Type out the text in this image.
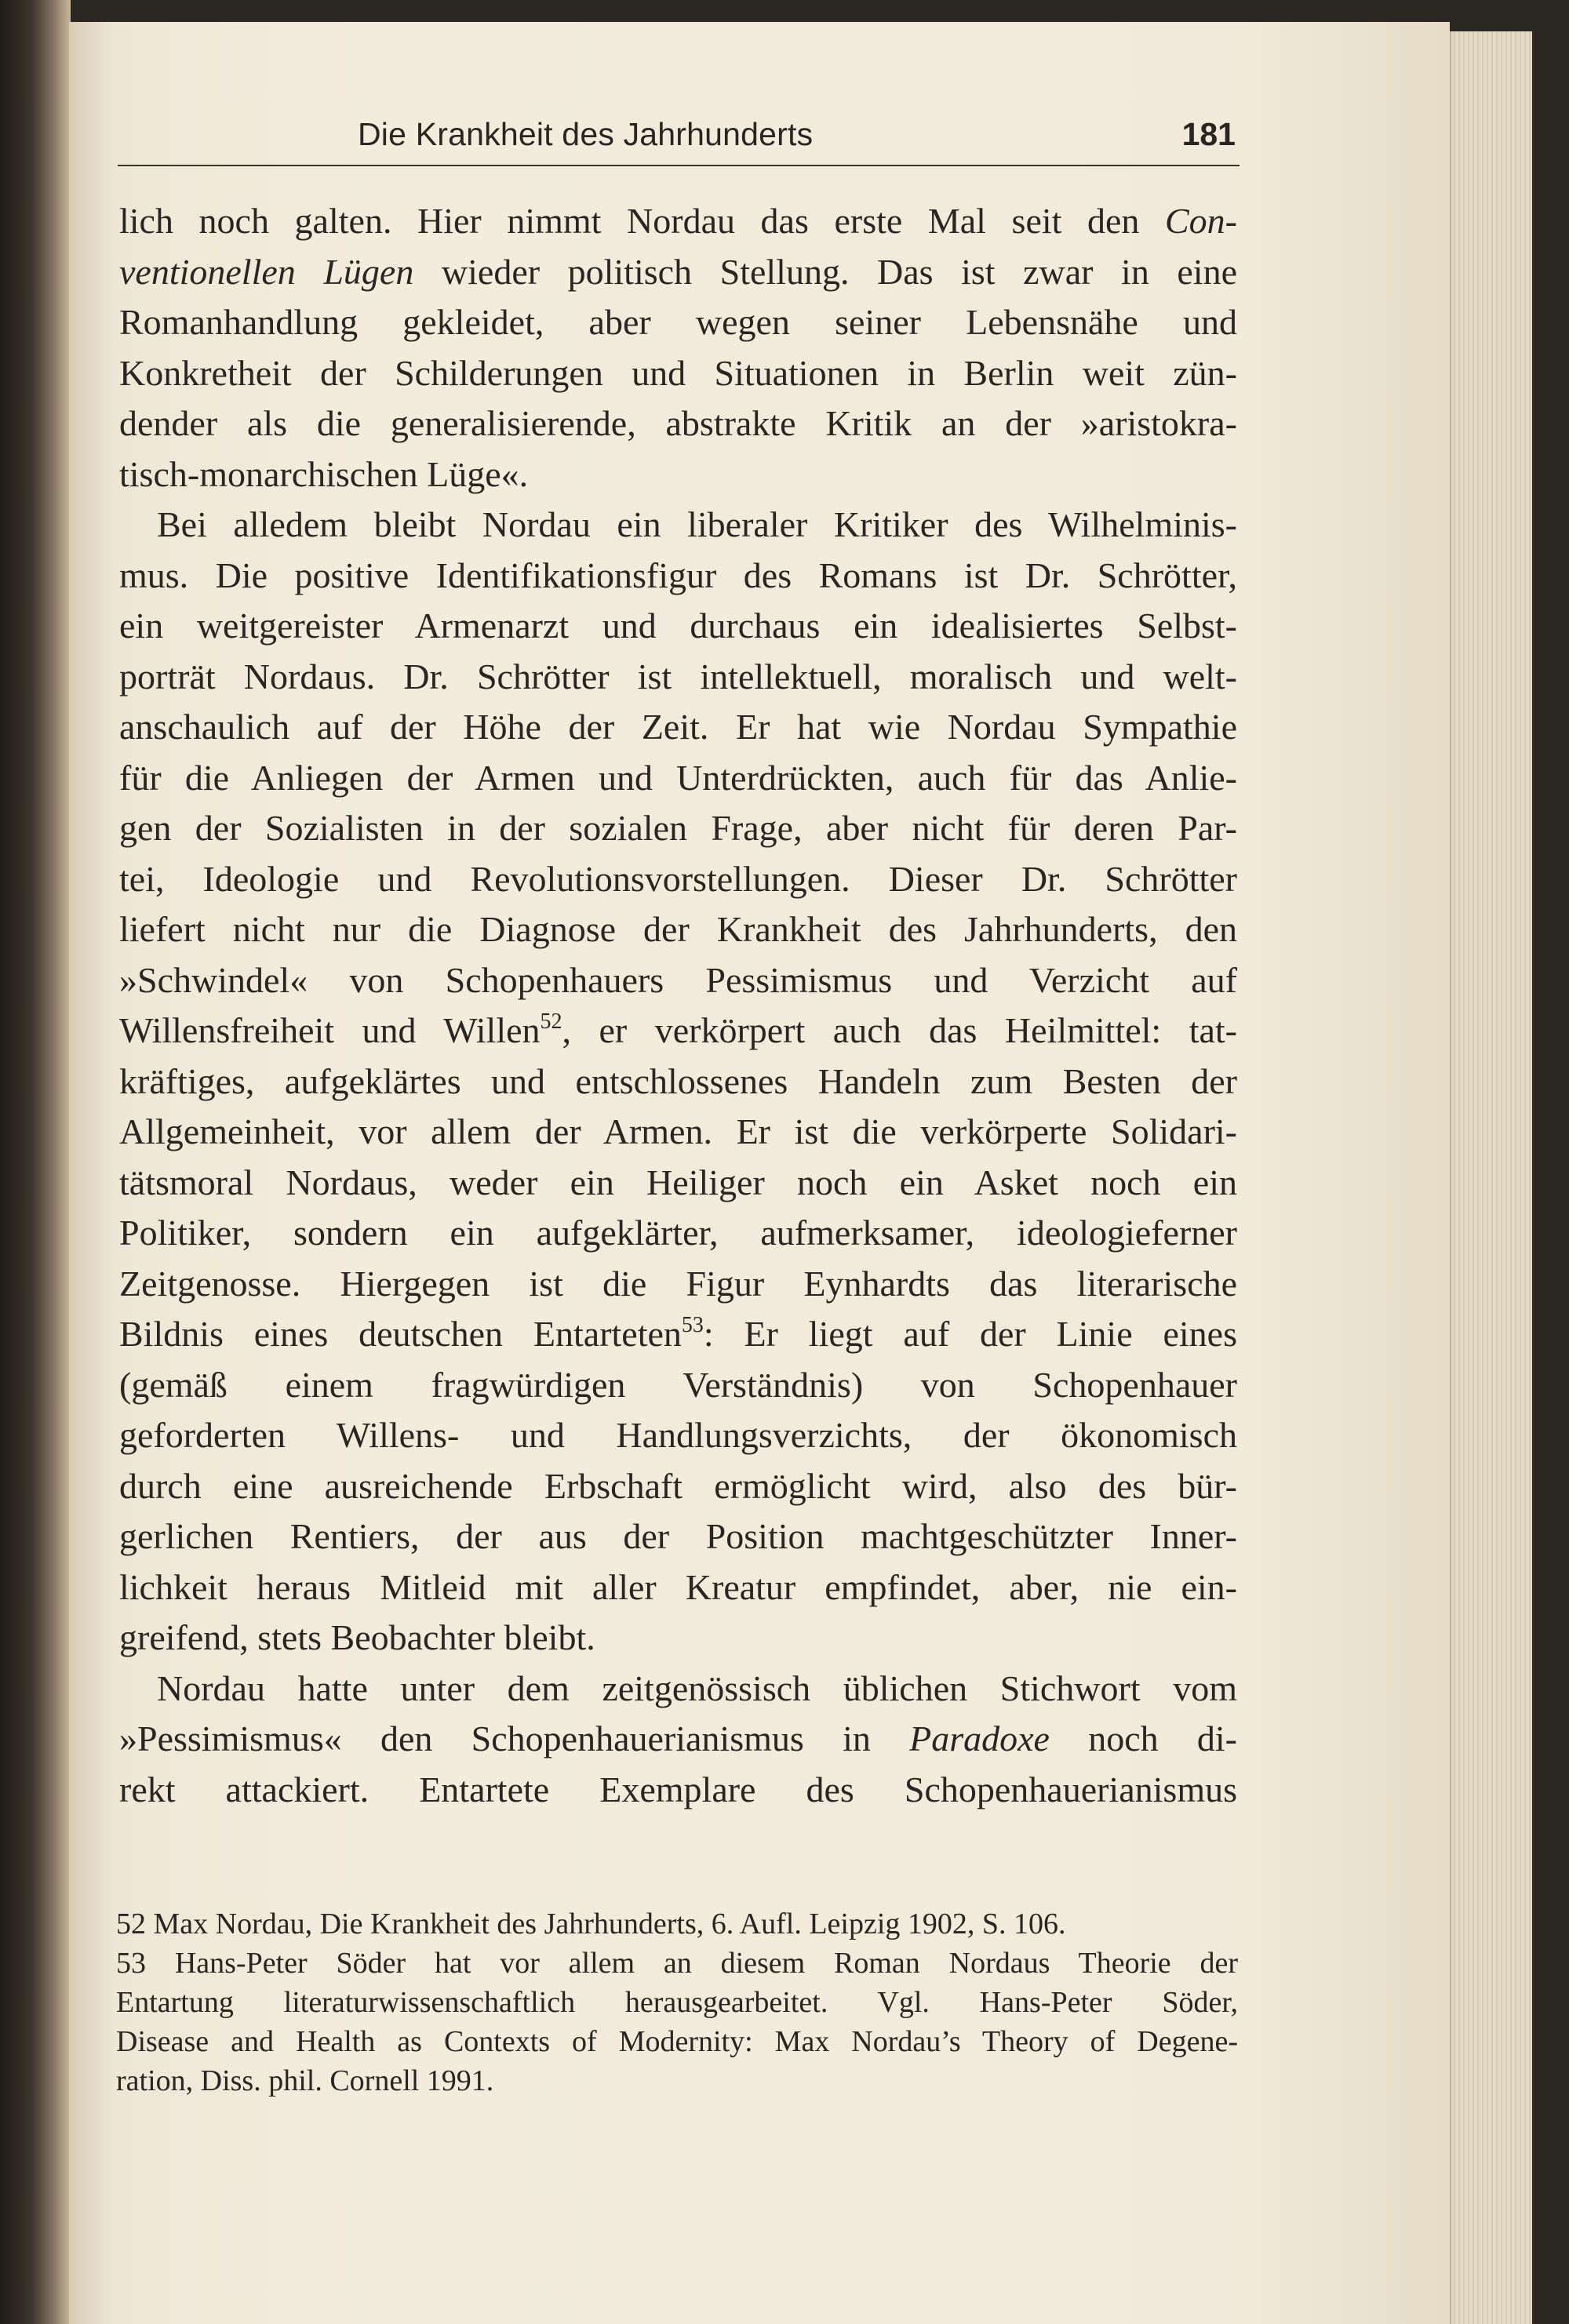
Die Krankheit des Jahrhunderts	181
lich noch galten. Hier nimmt Nordau das erste Mal seit den Con-
ventionellen Lügen wieder politisch Stellung. Das ist zwar in eine
Romanhandlung gekleidet, aber wegen seiner Lebensnähe und
Konkretheit der Schilderungen und Situationen in Berlin weit zün-
dender als die generalisierende, abstrakte Kritik an der »aristokra-
tisch-monarchischen Lüge«.
Bei alledem bleibt Nordau ein liberaler Kritiker des Wilhelminis-
mus. Die positive Identifikationsfigur des Romans ist Dr. Schrötter,
ein weitgereister Armenarzt und durchaus ein idealisiertes Selbst-
porträt Nordaus. Dr. Schrötter ist intellektuell, moralisch und welt-
anschaulich auf der Höhe der Zeit. Er hat wie Nordau Sympathie
für die Anliegen der Armen und Unterdrückten, auch für das Anlie-
gen der Sozialisten in der sozialen Frage, aber nicht für deren Par-
tei, Ideologie und Revolutionsvorstellungen. Dieser Dr. Schrötter
liefert nicht nur die Diagnose der Krankheit des Jahrhunderts, den
»Schwindel« von Schopenhauers Pessimismus und Verzicht auf
Willensfreiheit und Willen$^{52}$, er verkörpert auch das Heilmittel: tat-
kräftiges, aufgeklärtes und entschlossenes Handeln zum Besten der
Allgemeinheit, vor allem der Armen. Er ist die verkörperte Solidari-
tätsmoral Nordaus, weder ein Heiliger noch ein Asket noch ein
Politiker, sondern ein aufgeklärter, aufmerksamer, ideologieferner
Zeitgenosse. Hiergegen ist die Figur Eynhardts das literarische
Bildnis eines deutschen Entarteten$^{53}$: Er liegt auf der Linie eines
(gemäß einem fragwürdigen Verständnis) von Schopenhauer
geforderten Willens- und Handlungsverzichts, der ökonomisch
durch eine ausreichende Erbschaft ermöglicht wird, also des bür-
gerlichen Rentiers, der aus der Position machtgeschützter Inner-
lichkeit heraus Mitleid mit aller Kreatur empfindet, aber, nie ein-
greifend, stets Beobachter bleibt.
Nordau hatte unter dem zeitgenössisch üblichen Stichwort vom
»Pessimismus« den Schopenhauerianismus in Paradoxe noch di-
rekt attackiert. Entartete Exemplare des Schopenhauerianismus
52 Max Nordau, Die Krankheit des Jahrhunderts, 6. Aufl. Leipzig 1902, S. 106.
53 Hans-Peter Söder hat vor allem an diesem Roman Nordaus Theorie der
Entartung literaturwissenschaftlich herausgearbeitet. Vgl. Hans-Peter Söder,
Disease and Health as Contexts of Modernity: Max Nordau’s Theory of Degene-
ration, Diss. phil. Cornell 1991.
